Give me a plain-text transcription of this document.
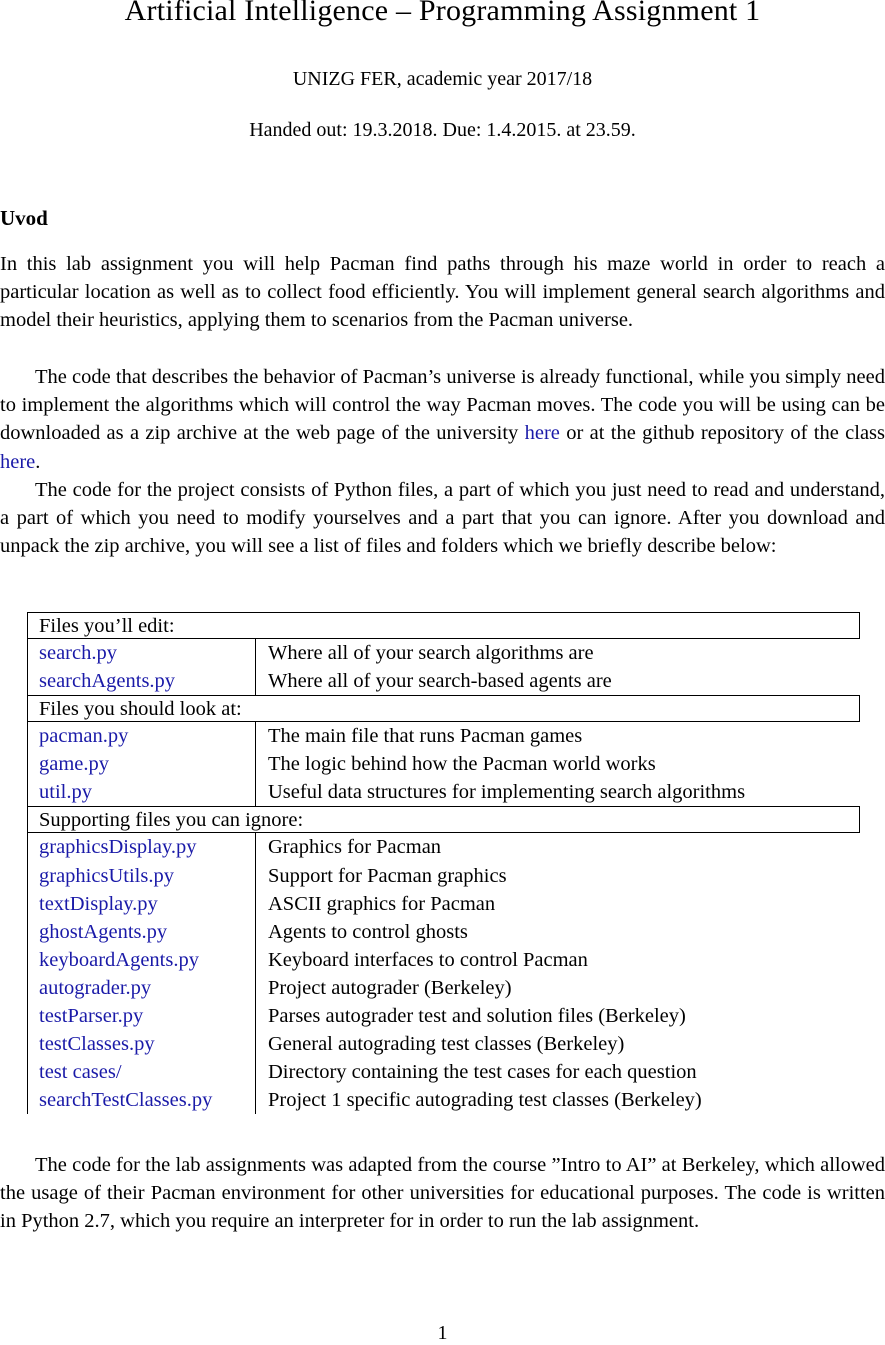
Artificial Intelligence – Programming Assignment 1
UNIZG FER, academic year 2017/18
Handed out: 19.3.2018. Due: 1.4.2015. at 23.59.
Uvod
In this lab assignment you will help Pacman find paths through his maze world in order to reach a particular location as well as to collect food efficiently. You will implement general search algorithms and model their heuristics, applying them to scenarios from the Pacman universe.
The code that describes the behavior of Pacman’s universe is already functional, while you simply need to implement the algorithms which will control the way Pacman moves. The code you will be using can be downloaded as a zip archive at the web page of the university here or at the github repository of the class here.
The code for the project consists of Python files, a part of which you just need to read and understand, a part of which you need to modify yourselves and a part that you can ignore. After you download and unpack the zip archive, you will see a list of files and folders which we briefly describe below:
Files you’ll edit:
search.py	Where all of your search algorithms are
searchAgents.py	Where all of your search-based agents are
Files you should look at:
pacman.py	The main file that runs Pacman games
game.py	The logic behind how the Pacman world works
util.py	Useful data structures for implementing search algorithms
Supporting files you can ignore:
graphicsDisplay.py	Graphics for Pacman
graphicsUtils.py	Support for Pacman graphics
textDisplay.py	ASCII graphics for Pacman
ghostAgents.py	Agents to control ghosts
keyboardAgents.py	Keyboard interfaces to control Pacman
autograder.py	Project autograder (Berkeley)
testParser.py	Parses autograder test and solution files (Berkeley)
testClasses.py	General autograding test classes (Berkeley)
test cases/	Directory containing the test cases for each question
searchTestClasses.py	Project 1 specific autograding test classes (Berkeley)
The code for the lab assignments was adapted from the course ”Intro to AI” at Berkeley, which allowed the usage of their Pacman environment for other universities for educational purposes. The code is written in Python 2.7, which you require an interpreter for in order to run the lab assignment.
1
